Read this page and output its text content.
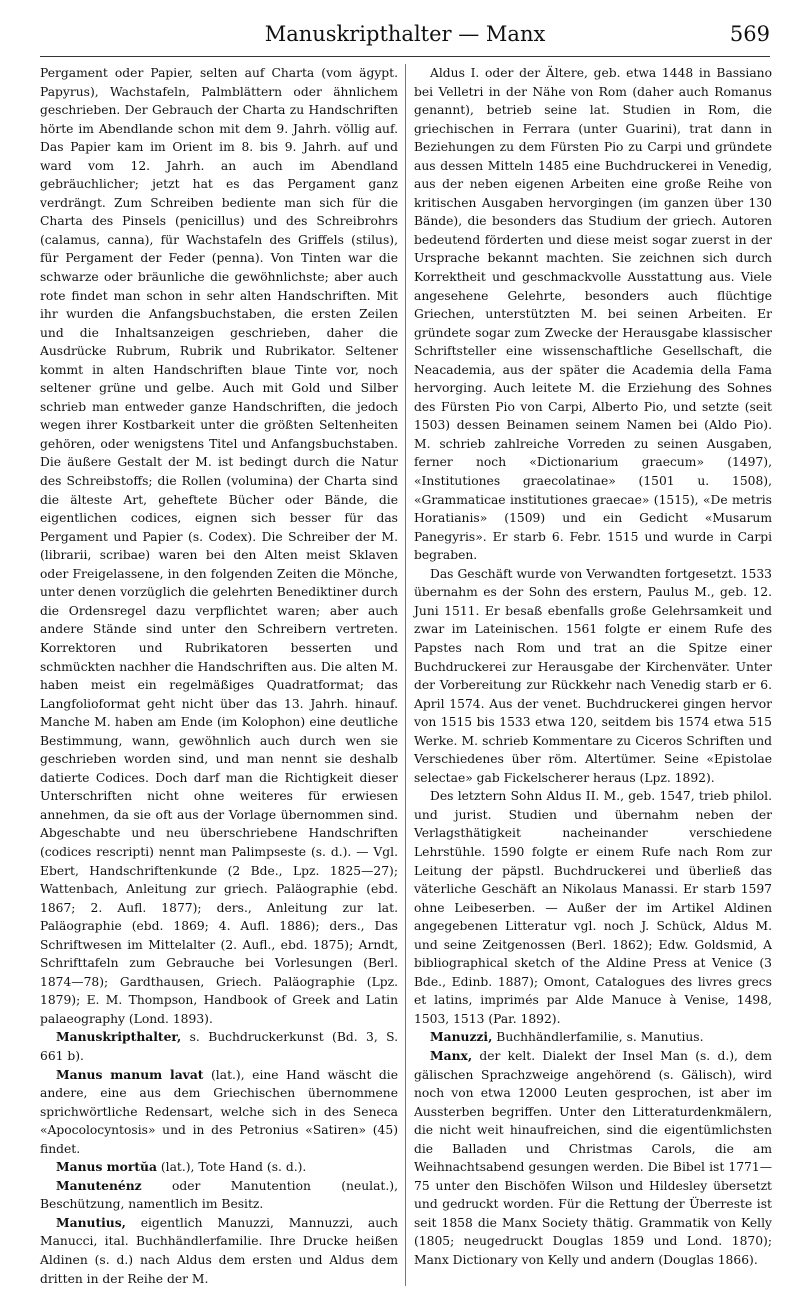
Manuskripthalter — Manx	569

Pergament oder Papier, selten auf Charta (vom ägypt. Papyrus), Wachstafeln, Palmblättern oder ähnlichem geschrieben. Der Gebrauch der Charta zu Handschriften hörte im Abendlande schon mit dem 9. Jahrh. völlig auf. Das Papier kam im Orient im 8. bis 9. Jahrh. auf und ward vom 12. Jahrh. an auch im Abendland gebräuchlicher; jetzt hat es das Pergament ganz verdrängt. Zum Schreiben bediente man sich für die Charta des Pinsels (penicillus) und des Schreibrohrs (calamus, canna), für Wachstafeln des Griffels (stilus), für Pergament der Feder (penna). Von Tinten war die schwarze oder bräunliche die gewöhnlichste; aber auch rote findet man schon in sehr alten Handschriften. Mit ihr wurden die Anfangsbuchstaben, die ersten Zeilen und die Inhaltsanzeigen geschrieben, daher die Ausdrücke Rubrum, Rubrik und Rubrikator. Seltener kommt in alten Handschriften blaue Tinte vor, noch seltener grüne und gelbe. Auch mit Gold und Silber schrieb man entweder ganze Handschriften, die jedoch wegen ihrer Kostbarkeit unter die größten Seltenheiten gehören, oder wenigstens Titel und Anfangsbuchstaben. Die äußere Gestalt der M. ist bedingt durch die Natur des Schreibstoffs; die Rollen (volumina) der Charta sind die älteste Art, geheftete Bücher oder Bände, die eigentlichen codices, eignen sich besser für das Pergament und Papier (s. Codex). Die Schreiber der M. (librarii, scribae) waren bei den Alten meist Sklaven oder Freigelassene, in den folgenden Zeiten die Mönche, unter denen vorzüglich die gelehrten Benediktiner durch die Ordensregel dazu verpflichtet waren; aber auch andere Stände sind unter den Schreibern vertreten. Korrektoren und Rubrikatoren besserten und schmückten nachher die Handschriften aus. Die alten M. haben meist ein regelmäßiges Quadratformat; das Langfolioformat geht nicht über das 13. Jahrh. hinauf. Manche M. haben am Ende (im Kolophon) eine deutliche Bestimmung, wann, gewöhnlich auch durch wen sie geschrieben worden sind, und man nennt sie deshalb datierte Codices. Doch darf man die Richtigkeit dieser Unterschriften nicht ohne weiteres für erwiesen annehmen, da sie oft aus der Vorlage übernommen sind. Abgeschabte und neu überschriebene Handschriften (codices rescripti) nennt man Palimpseste (s. d.). — Vgl. Ebert, Handschriftenkunde (2 Bde., Lpz. 1825—27); Wattenbach, Anleitung zur griech. Paläographie (ebd. 1867; 2. Aufl. 1877); ders., Anleitung zur lat. Paläographie (ebd. 1869; 4. Aufl. 1886); ders., Das Schriftwesen im Mittelalter (2. Aufl., ebd. 1875); Arndt, Schrifttafeln zum Gebrauche bei Vorlesungen (Berl. 1874—78); Gardthausen, Griech. Paläographie (Lpz. 1879); E. M. Thompson, Handbook of Greek and Latin palaeography (Lond. 1893).

Manuskripthalter, s. Buchdruckerkunst (Bd. 3, S. 661 b).

Manus manum lavat (lat.), eine Hand wäscht die andere, eine aus dem Griechischen übernommene sprichwörtliche Redensart, welche sich in des Seneca «Apocolocyntosis» und in des Petronius «Satiren» (45) findet.

Manus mortŭa (lat.), Tote Hand (s. d.).

Manutenénz oder Manutention (neulat.), Beschützung, namentlich im Besitz.

Manutius, eigentlich Manuzzi, Mannuzzi, auch Manucci, ital. Buchhändlerfamilie. Ihre Drucke heißen Aldinen (s. d.) nach Aldus dem ersten und Aldus dem dritten in der Reihe der M.

Aldus I. oder der Ältere, geb. etwa 1448 in Bassiano bei Velletri in der Nähe von Rom (daher auch Romanus genannt), betrieb seine lat. Studien in Rom, die griechischen in Ferrara (unter Guarini), trat dann in Beziehungen zu dem Fürsten Pio zu Carpi und gründete aus dessen Mitteln 1485 eine Buchdruckerei in Venedig, aus der neben eigenen Arbeiten eine große Reihe von kritischen Ausgaben hervorgingen (im ganzen über 130 Bände), die besonders das Studium der griech. Autoren bedeutend förderten und diese meist sogar zuerst in der Ursprache bekannt machten. Sie zeichnen sich durch Korrektheit und geschmackvolle Ausstattung aus. Viele angesehene Gelehrte, besonders auch flüchtige Griechen, unterstützten M. bei seinen Arbeiten. Er gründete sogar zum Zwecke der Herausgabe klassischer Schriftsteller eine wissenschaftliche Gesellschaft, die Neacademia, aus der später die Academia della Fama hervorging. Auch leitete M. die Erziehung des Sohnes des Fürsten Pio von Carpi, Alberto Pio, und setzte (seit 1503) dessen Beinamen seinem Namen bei (Aldo Pio). M. schrieb zahlreiche Vorreden zu seinen Ausgaben, ferner noch «Dictionarium graecum» (1497), «Institutiones graecolatinae» (1501 u. 1508), «Grammaticae institutiones graecae» (1515), «De metris Horatianis» (1509) und ein Gedicht «Musarum Panegyris». Er starb 6. Febr. 1515 und wurde in Carpi begraben.

Das Geschäft wurde von Verwandten fortgesetzt. 1533 übernahm es der Sohn des erstern, Paulus M., geb. 12. Juni 1511. Er besaß ebenfalls große Gelehrsamkeit und zwar im Lateinischen. 1561 folgte er einem Rufe des Papstes nach Rom und trat an die Spitze einer Buchdruckerei zur Herausgabe der Kirchenväter. Unter der Vorbereitung zur Rückkehr nach Venedig starb er 6. April 1574. Aus der venet. Buchdruckerei gingen hervor von 1515 bis 1533 etwa 120, seitdem bis 1574 etwa 515 Werke. M. schrieb Kommentare zu Ciceros Schriften und Verschiedenes über röm. Altertümer. Seine «Epistolae selectae» gab Fickelscherer heraus (Lpz. 1892).

Des letztern Sohn Aldus II. M., geb. 1547, trieb philol. und jurist. Studien und übernahm neben der Verlagsthätigkeit nacheinander verschiedene Lehrstühle. 1590 folgte er einem Rufe nach Rom zur Leitung der päpstl. Buchdruckerei und überließ das väterliche Geschäft an Nikolaus Manassi. Er starb 1597 ohne Leibeserben. — Außer der im Artikel Aldinen angegebenen Litteratur vgl. noch J. Schück, Aldus M. und seine Zeitgenossen (Berl. 1862); Edw. Goldsmid, A bibliographical sketch of the Aldine Press at Venice (3 Bde., Edinb. 1887); Omont, Catalogues des livres grecs et latins, imprimés par Alde Manuce à Venise, 1498, 1503, 1513 (Par. 1892).

Manuzzi, Buchhändlerfamilie, s. Manutius.

Manx, der kelt. Dialekt der Insel Man (s. d.), dem gälischen Sprachzweige angehörend (s. Gälisch), wird noch von etwa 12000 Leuten gesprochen, ist aber im Aussterben begriffen. Unter den Litteraturdenkmälern, die nicht weit hinaufreichen, sind die eigentümlichsten die Balladen und Christmas Carols, die am Weihnachtsabend gesungen werden. Die Bibel ist 1771—75 unter den Bischöfen Wilson und Hildesley übersetzt und gedruckt worden. Für die Rettung der Überreste ist seit 1858 die Manx Society thätig. Grammatik von Kelly (1805; neugedruckt Douglas 1859 und Lond. 1870); Manx Dictionary von Kelly und andern (Douglas 1866).
